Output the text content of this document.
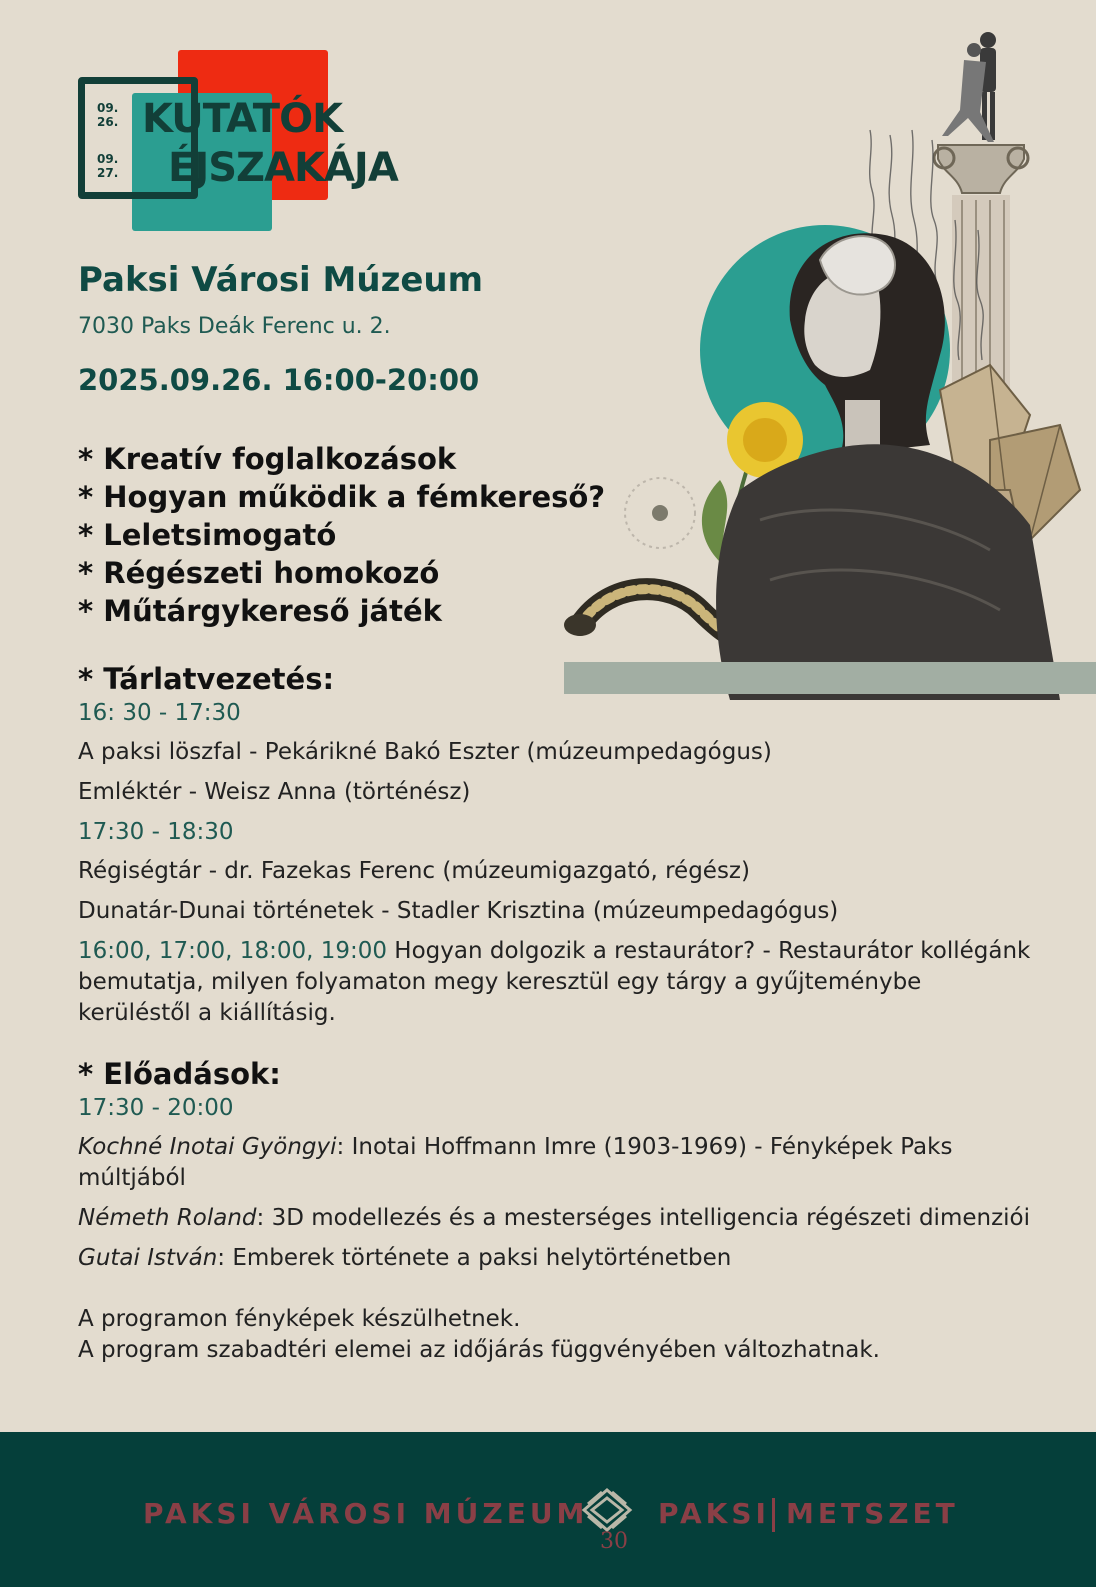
09.
26.
09.
27.
KUTATÓK
ÉJSZAKÁJA
Paksi Városi Múzeum
7030 Paks Deák Ferenc u. 2.
2025.09.26. 16:00-20:00
* Kreatív foglalkozások
* Hogyan működik a fémkereső?
* Leletsimogató
* Régészeti homokozó
* Műtárgykereső játék

* Tárlatvezetés:

16: 30 - 17:30

A paksi löszfal - Pekárikné Bakó Eszter (múzeumpedagógus)

Emléktér - Weisz Anna (történész)

17:30 - 18:30

Régiségtár - dr. Fazekas Ferenc (múzeumigazgató, régész)

Dunatár-Dunai történetek - Stadler Krisztina (múzeumpedagógus)

16:00, 17:00, 18:00, 19:00 Hogyan dolgozik a restaurátor? - Restaurátor kollégánk bemutatja, milyen folyamaton megy keresztül egy tárgy a gyűjteménybe kerüléstől a kiállításig.

* Előadások:

17:30 - 20:00

Kochné Inotai Gyöngyi: Inotai Hoffmann Imre (1903-1969) - Fényképek Paks múltjából

Németh Roland: 3D modellezés és a mesterséges intelligencia régészeti dimenziói

Gutai István: Emberek története a paksi helytörténetben

A programon fényképek készülhetnek.

A program szabadtéri elemei az időjárás függvényében változhatnak.

PAKSI VÁROSI MÚZEUM
30
PAKSI METSZET
